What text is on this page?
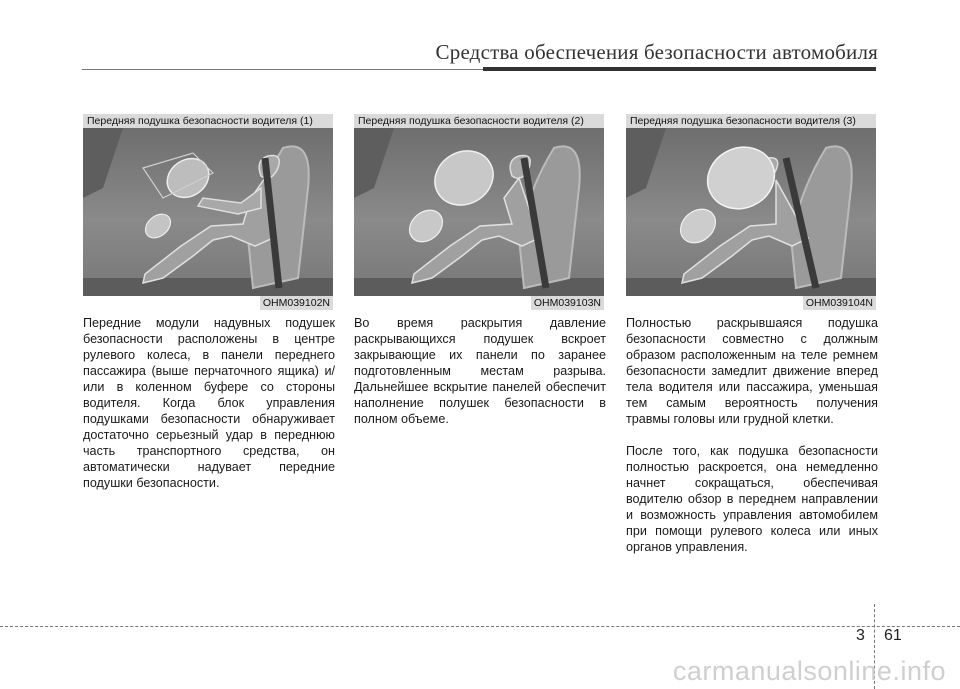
Средства обеспечения безопасности автомобиля
Передняя подушка безопасности водителя (1)
OHM039102N
Передняя подушка безопасности водителя (2)
OHM039103N
Передняя подушка безопасности водителя (3)
OHM039104N

Передние модули надувных подушек безопасности расположены в центре рулевого колеса, в панели переднего пассажира (выше перчаточного ящика) и/или в коленном буфере со стороны водителя. Когда блок управления подушками безопасности обнаруживает достаточно серьезный удар в переднюю часть транспортного средства, он автоматически надувает передние подушки безопасности.

Во время раскрытия давление раскрывающихся подушек вскроет закрывающие их панели по заранее подготовленным местам разрыва. Дальнейшее вскрытие панелей обеспечит наполнение полушек безопасности в полном объеме.

Полностью раскрывшаяся подушка безопасности совместно с должным образом расположенным на теле ремнем безопасности замедлит движение вперед тела водителя или пассажира, уменьшая тем самым вероятность получения травмы головы или грудной клетки.

После того, как подушка безопасности полностью раскроется, она немедленно начнет сокращаться, обеспечивая водителю обзор в переднем направлении и возможность управления автомобилем при помощи рулевого колеса или иных органов управления.

3 61
carmanualsonline.info
